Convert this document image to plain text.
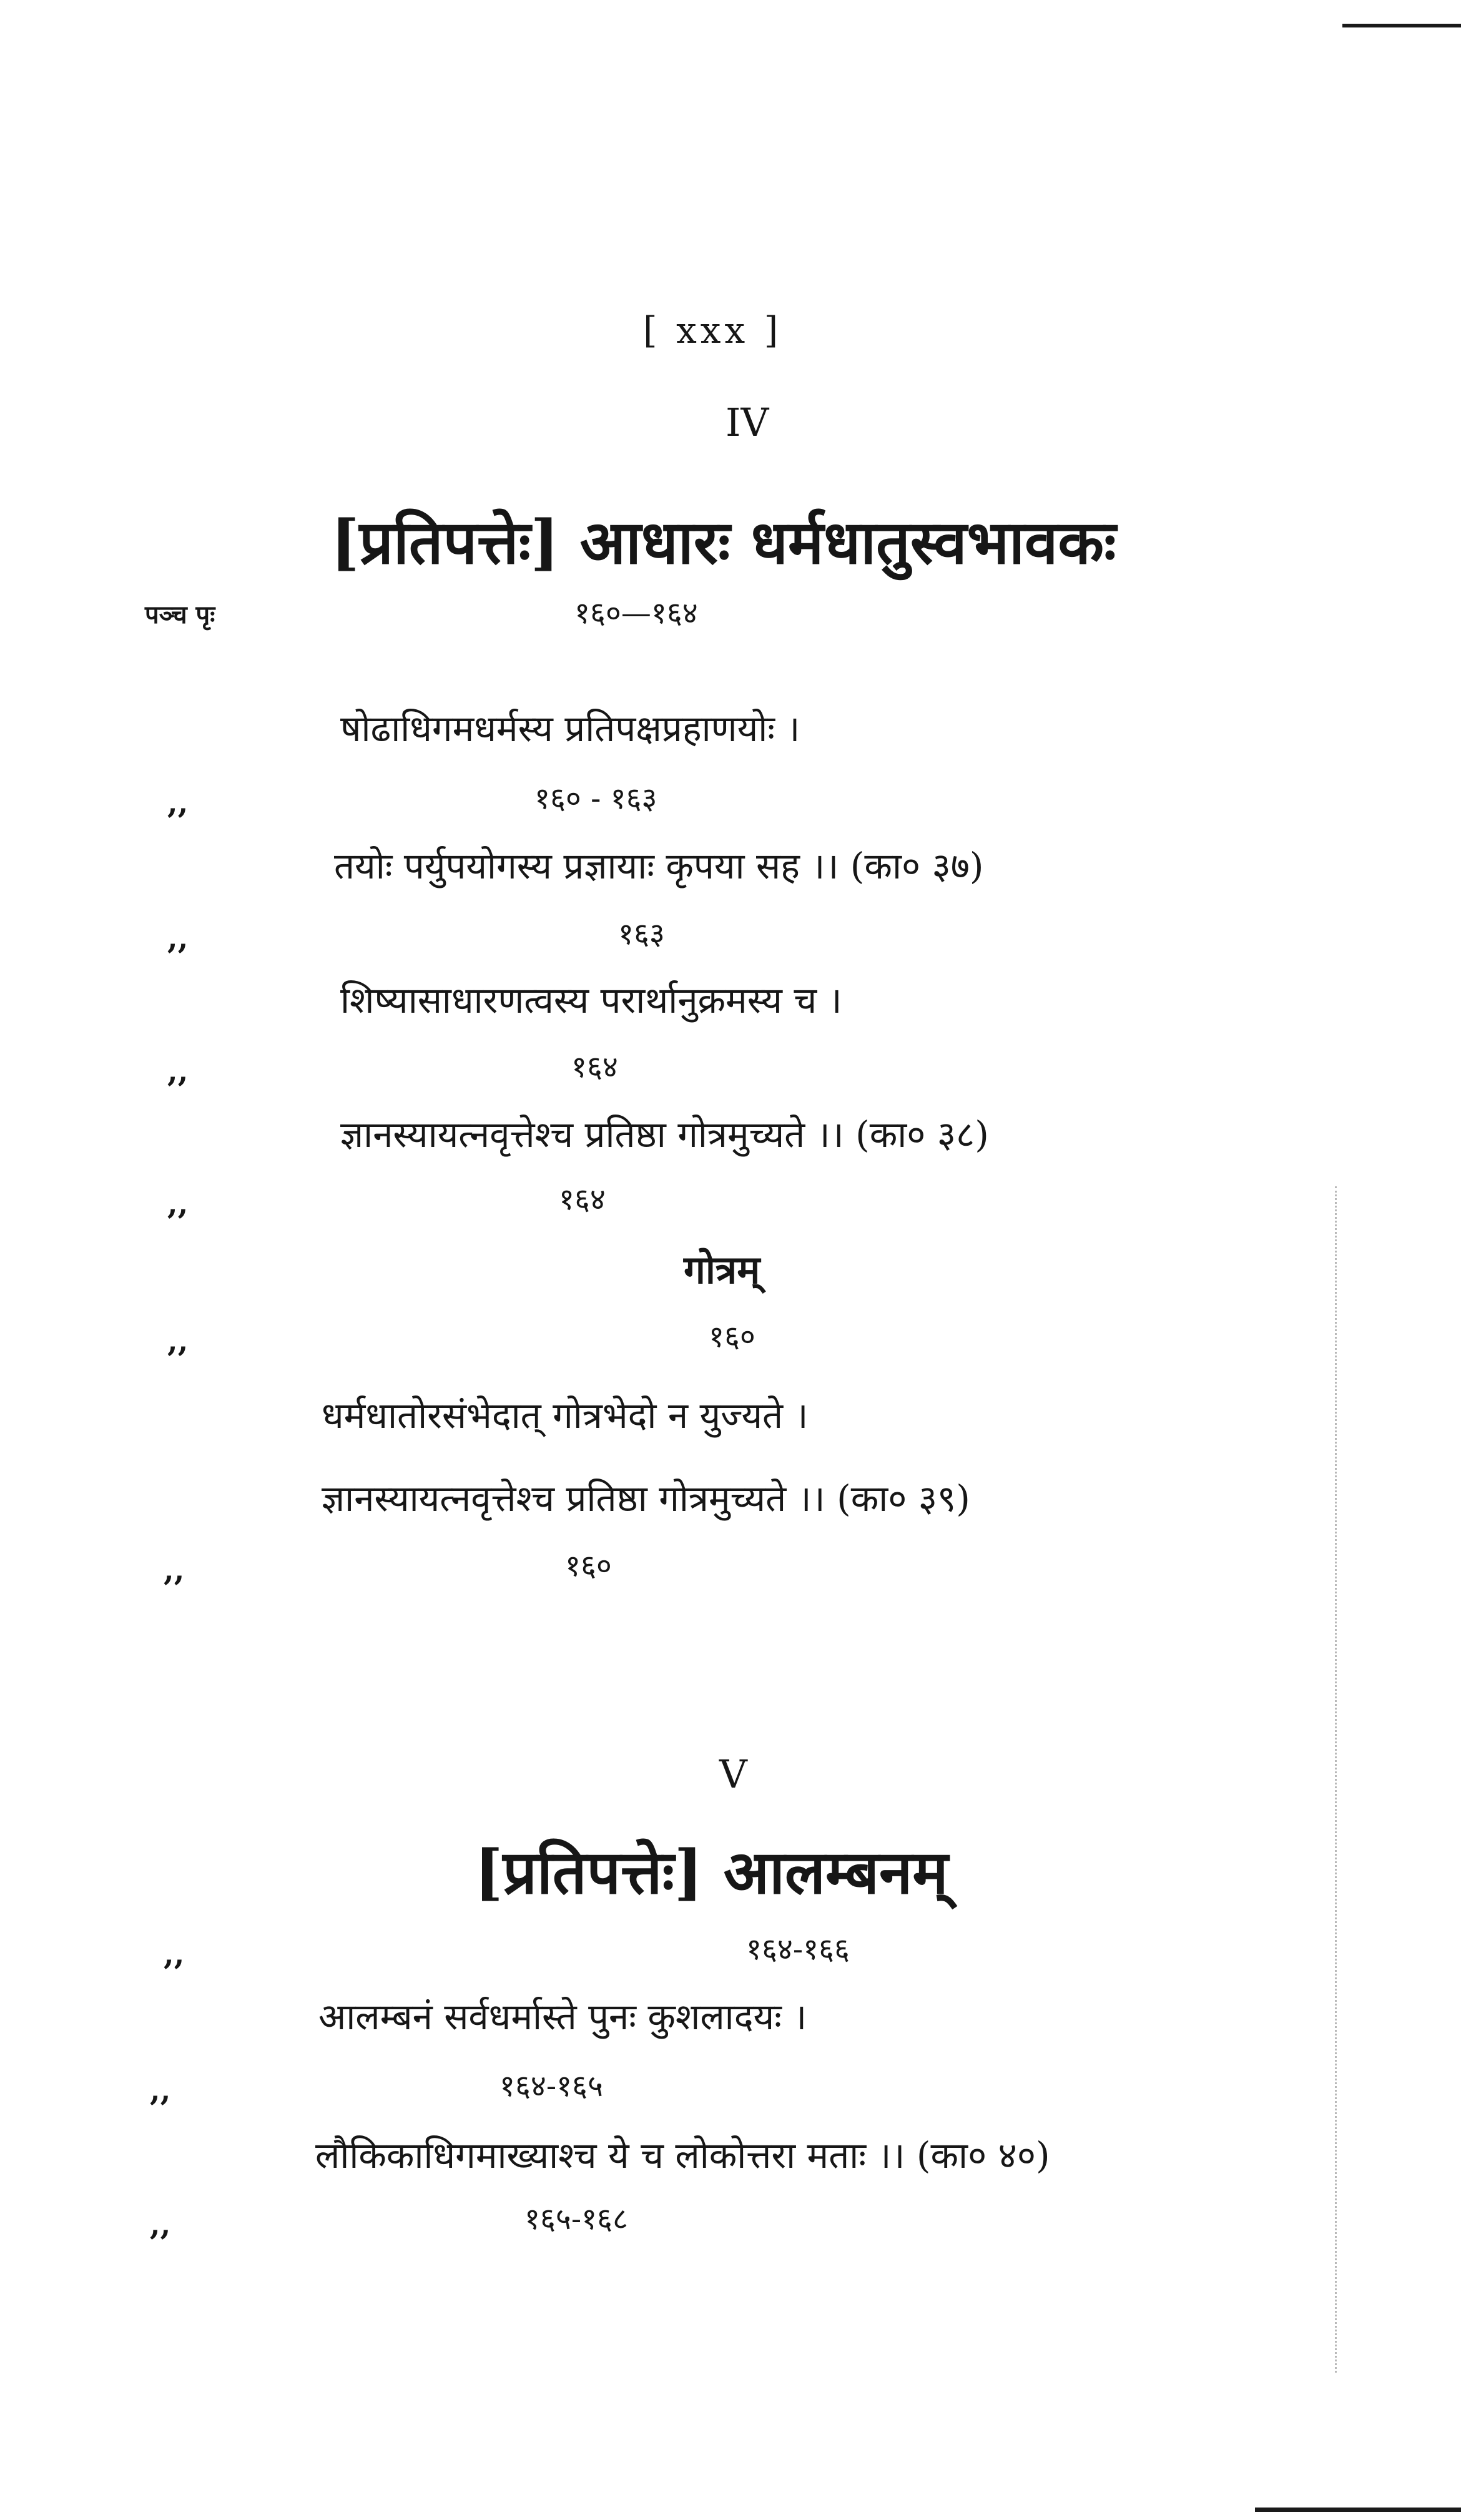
[ xxx ]
IV
[प्रतिपत्तेः] आधारः धर्मधातुस्वभावकः
पञ्च पृः	१६०—१६४
षोढाधिगमधर्मस्य प्रतिपक्षप्रहाणयोः ।
,,	१६० - १६३
तयोः पर्युपयोगस्य प्रज्ञायाः कृपया सह ।। (का० ३७)
,,	१६३
शिष्यासाधारणत्वस्य परार्थानुक्रमस्य च ।
,,	१६४
ज्ञानस्यायत्नवृत्तेश्च प्रतिष्ठा गोत्रमुच्यते ।। (का० ३८)
,,	१६४
गोत्रम्
,,	१६०
धर्मधातोरसंभेदात् गोत्रभेदो न युज्यते ।
ज्ञानस्यायत्नवृत्तेश्च प्रतिष्ठा गोत्रमुच्यते ।। (का० ३९)
,,	१६०
V
[प्रतिपत्तेः] आलम्बनम्
,,	१६४-१६६
आलम्बनं सर्वधर्मास्ते पुनः कुशलादयः ।
,,	१६४-१६५
लौकिकाधिगमाख्याश्च ये च लोकोत्तरा मताः ।। (का० ४०)
,,	१६५-१६८
